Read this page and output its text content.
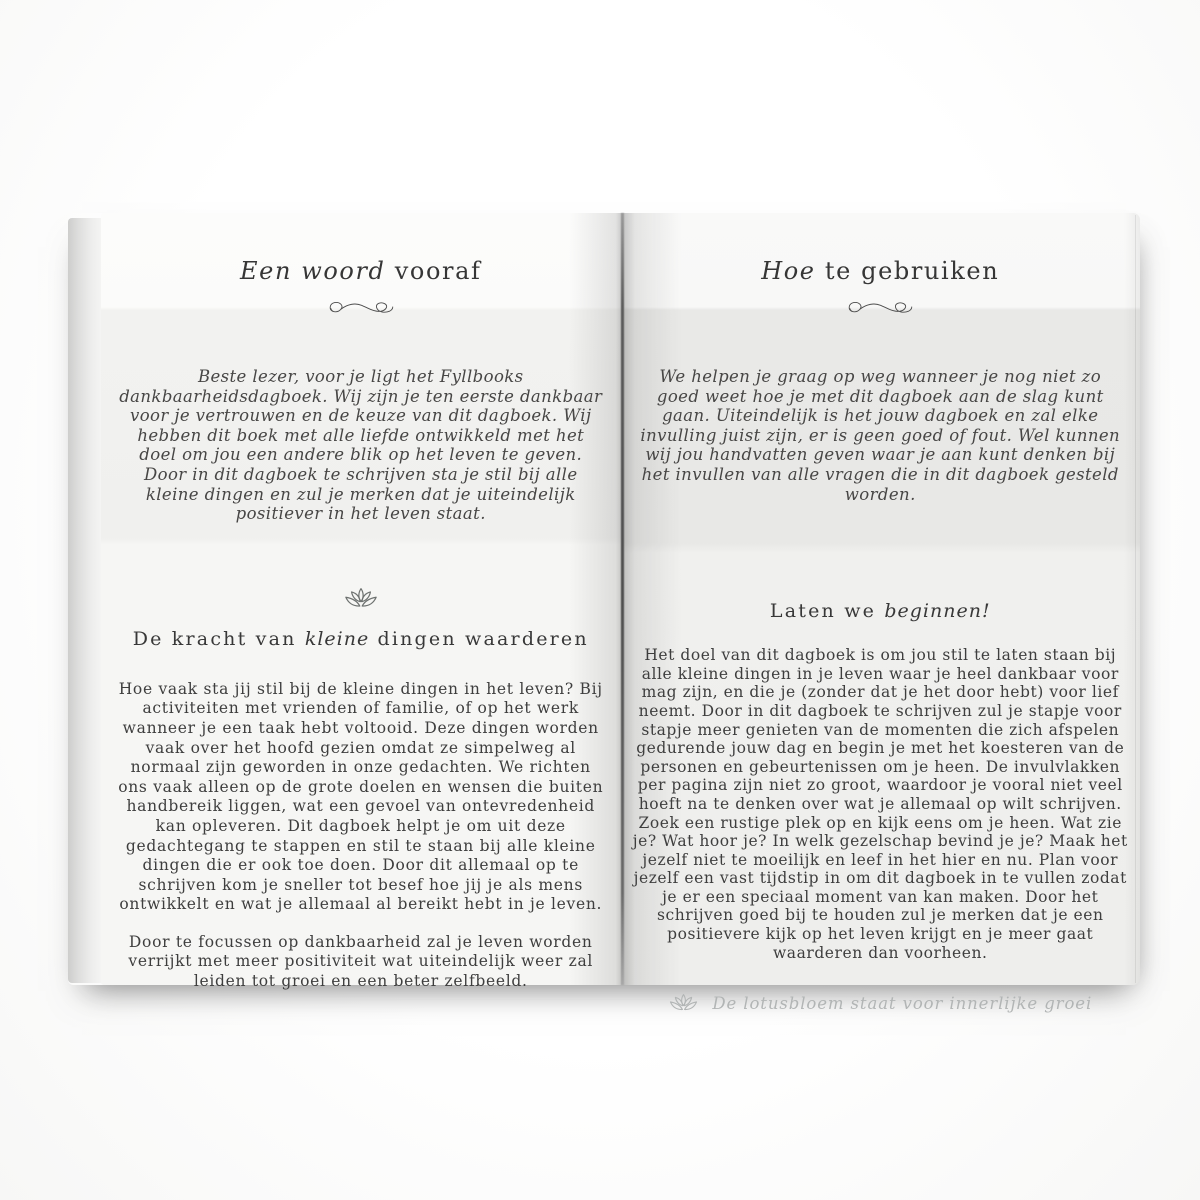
Een woord vooraf

Beste lezer, voor je ligt het Fyllbooks dankbaarheidsdagboek. Wij zijn je ten eerste dankbaar voor je vertrouwen en de keuze van dit dagboek. Wij hebben dit boek met alle liefde ontwikkeld met het doel om jou een andere blik op het leven te geven. Door in dit dagboek te schrijven sta je stil bij alle kleine dingen en zul je merken dat je uiteindelijk positiever in het leven staat.

De kracht van kleine dingen waarderen

Hoe vaak sta jij stil bij de kleine dingen in het leven? Bij activiteiten met vrienden of familie, of op het werk wanneer je een taak hebt voltooid. Deze dingen worden vaak over het hoofd gezien omdat ze simpelweg al normaal zijn geworden in onze gedachten. We richten ons vaak alleen op de grote doelen en wensen die buiten handbereik liggen, wat een gevoel van ontevredenheid kan opleveren. Dit dagboek helpt je om uit deze gedachtegang te stappen en stil te staan bij alle kleine dingen die er ook toe doen. Door dit allemaal op te schrijven kom je sneller tot besef hoe jij je als mens ontwikkelt en wat je allemaal al bereikt hebt in je leven.

Door te focussen op dankbaarheid zal je leven worden verrijkt met meer positiviteit wat uiteindelijk weer zal leiden tot groei en een beter zelfbeeld.

Hoe te gebruiken

We helpen je graag op weg wanneer je nog niet zo goed weet hoe je met dit dagboek aan de slag kunt gaan. Uiteindelijk is het jouw dagboek en zal elke invulling juist zijn, er is geen goed of fout. Wel kunnen wij jou handvatten geven waar je aan kunt denken bij het invullen van alle vragen die in dit dagboek gesteld worden.

Laten we beginnen!

Het doel van dit dagboek is om jou stil te laten staan bij alle kleine dingen in je leven waar je heel dankbaar voor mag zijn, en die je (zonder dat je het door hebt) voor lief neemt. Door in dit dagboek te schrijven zul je stapje voor stapje meer genieten van de momenten die zich afspelen gedurende jouw dag en begin je met het koesteren van de personen en gebeurtenissen om je heen. De invulvlakken per pagina zijn niet zo groot, waardoor je vooral niet veel hoeft na te denken over wat je allemaal op wilt schrijven. Zoek een rustige plek op en kijk eens om je heen. Wat zie je? Wat hoor je? In welk gezelschap bevind je je? Maak het jezelf niet te moeilijk en leef in het hier en nu. Plan voor jezelf een vast tijdstip in om dit dagboek in te vullen zodat je er een speciaal moment van kan maken. Door het schrijven goed bij te houden zul je merken dat je een positievere kijk op het leven krijgt en je meer gaat waarderen dan voorheen.

De lotusbloem staat voor innerlijke groei
